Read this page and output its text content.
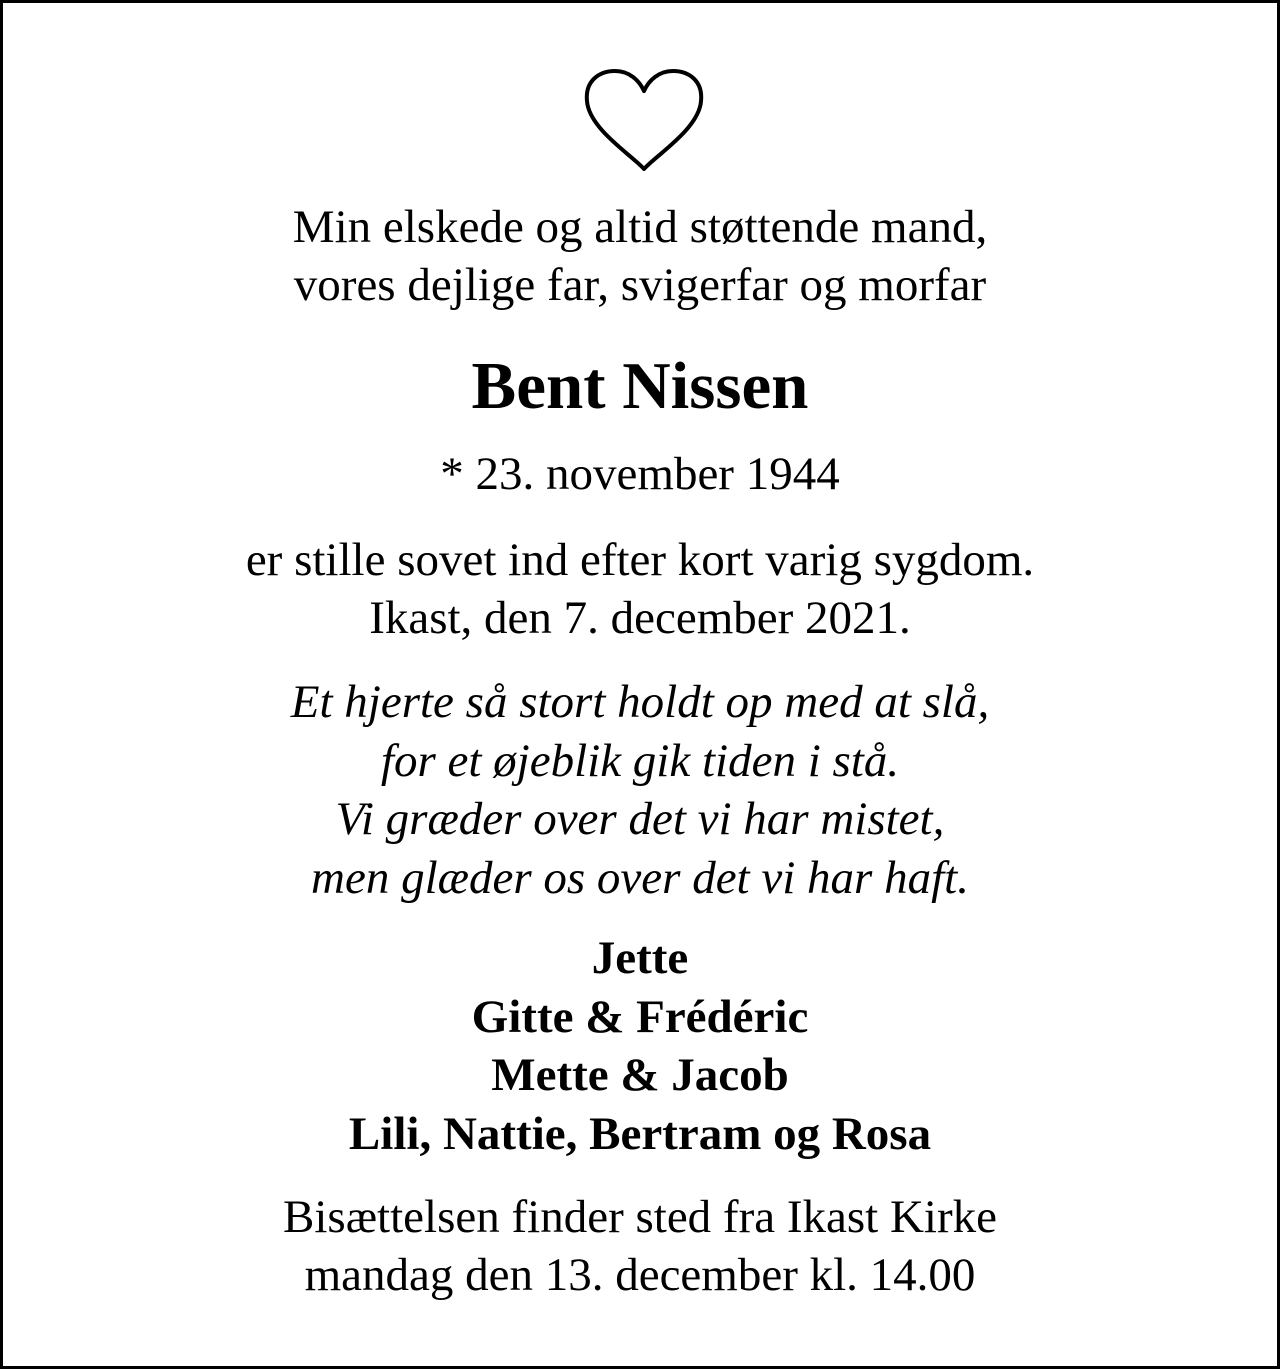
Min elskede og altid støttende mand,
vores dejlige far, svigerfar og morfar
Bent Nissen
* 23. november 1944
er stille sovet ind efter kort varig sygdom.
Ikast, den 7. december 2021.
Et hjerte så stort holdt op med at slå,
for et øjeblik gik tiden i stå.
Vi græder over det vi har mistet,
men glæder os over det vi har haft.
Jette
Gitte & Frédéric
Mette & Jacob
Lili, Nattie, Bertram og Rosa
Bisættelsen finder sted fra Ikast Kirke
mandag den 13. december kl. 14.00
